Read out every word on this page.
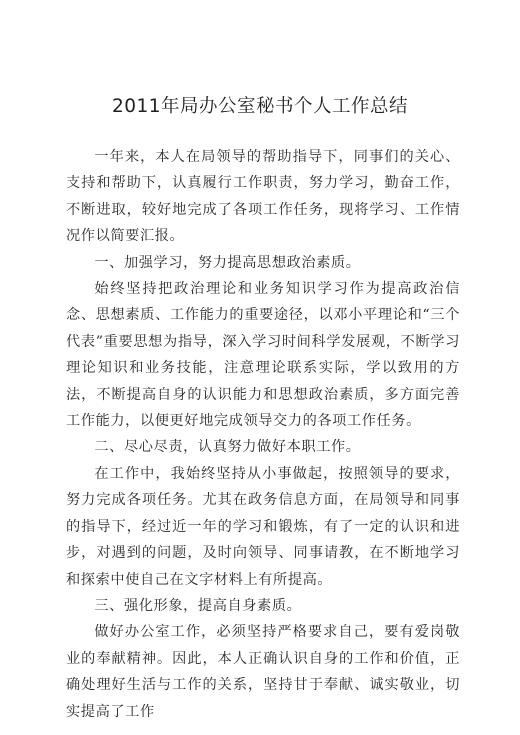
2011年局办公室秘书个人工作总结

一年来，本人在局领导的帮助指导下，同事们的关心、支持和帮助下，认真履行工作职责，努力学习，勤奋工作，不断进取，较好地完成了各项工作任务，现将学习、工作情况作以简要汇报。

一、加强学习，努力提高思想政治素质。

始终坚持把政治理论和业务知识学习作为提高政治信念、思想素质、工作能力的重要途径，以邓小平理论和“三个代表”重要思想为指导，深入学习时间科学发展观，不断学习理论知识和业务技能，注意理论联系实际，学以致用的方法，不断提高自身的认识能力和思想政治素质，多方面完善工作能力，以便更好地完成领导交力的各项工作任务。

二、尽心尽责，认真努力做好本职工作。

在工作中，我始终坚持从小事做起，按照领导的要求，努力完成各项任务。尤其在政务信息方面，在局领导和同事的指导下，经过近一年的学习和锻炼，有了一定的认识和进步，对遇到的问题，及时向领导、同事请教，在不断地学习和探索中使自己在文字材料上有所提高。

三、强化形象，提高自身素质。

做好办公室工作，必须坚持严格要求自己，要有爱岗敬业的奉献精神。因此，本人正确认识自身的工作和价值，正确处理好生活与工作的关系，坚持甘于奉献、诚实敬业，切实提高了工作
